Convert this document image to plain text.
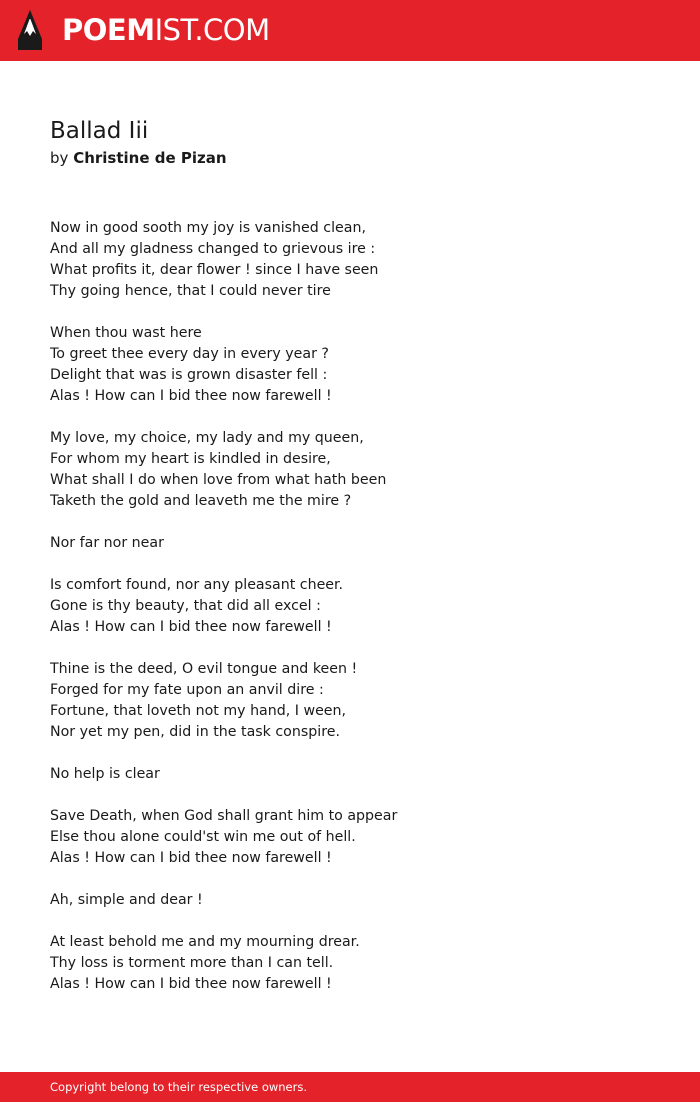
POEMIST.COM
Ballad Iii
by Christine de Pizan
Now in good sooth my joy is vanished clean,
And all my gladness changed to grievous ire :
What profits it, dear flower ! since I have seen
Thy going hence, that I could never tire
When thou wast here
To greet thee every day in every year ?
Delight that was is grown disaster fell :
Alas ! How can I bid thee now farewell !
My love, my choice, my lady and my queen,
For whom my heart is kindled in desire,
What shall I do when love from what hath been
Taketh the gold and leaveth me the mire ?
Nor far nor near
Is comfort found, nor any pleasant cheer.
Gone is thy beauty, that did all excel :
Alas ! How can I bid thee now farewell !
Thine is the deed, O evil tongue and keen !
Forged for my fate upon an anvil dire :
Fortune, that loveth not my hand, I ween,
Nor yet my pen, did in the task conspire.
No help is clear
Save Death, when God shall grant him to appear
Else thou alone could'st win me out of hell.
Alas ! How can I bid thee now farewell !
Ah, simple and dear !
At least behold me and my mourning drear.
Thy loss is torment more than I can tell.
Alas ! How can I bid thee now farewell !
Copyright belong to their respective owners.
